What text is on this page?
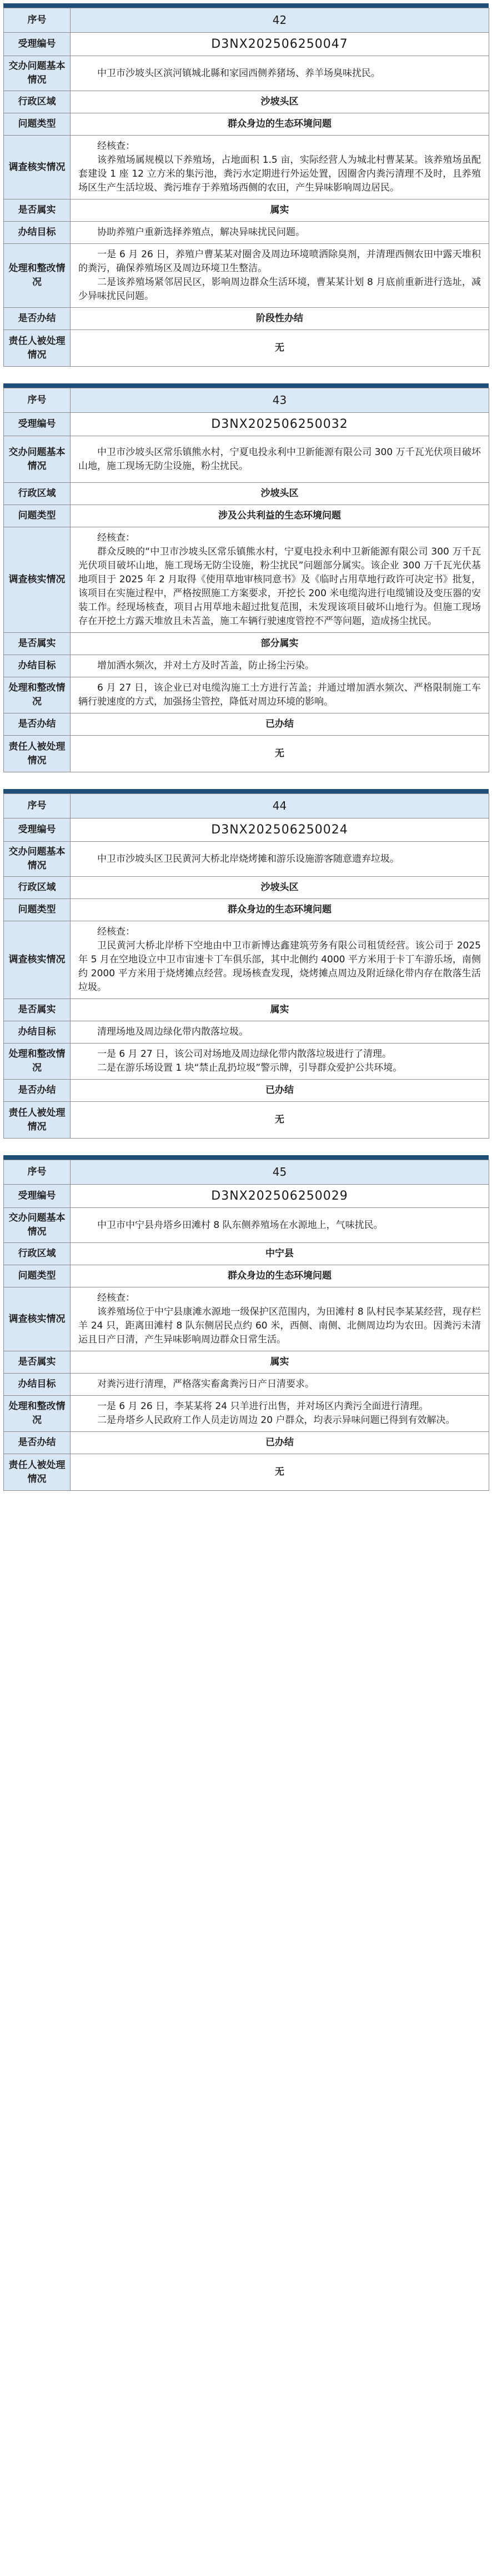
序号	42
受理编号	D3NX202506250047
交办问题基本情况	中卫市沙坡头区滨河镇城北縣和家园西侧养猪场、养羊场臭味扰民。

行政区域	沙坡头区
问题类型	群众身边的生态环境问题
调查核实情况	经核查：

该养殖场属规模以下养殖场，占地面积 1.5 亩，实际经营人为城北村曹某某。该养殖场虽配套建设 1 座 12 立方米的集污池，粪污水定期进行外运处置，因圈舍内粪污清理不及时，且养殖场区生产生活垃圾、粪污堆存于养殖场西侧的农田，产生异味影响周边居民。

是否属实	属实
办结目标	协助养殖户重新选择养殖点，解决异味扰民问题。

处理和整改情况	一是 6 月 26 日，养殖户曹某某对圈舍及周边环境喷洒除臭剂，并清理西侧农田中露天堆积的粪污，确保养殖场区及周边环境卫生整洁。

二是该养殖场紧邻居民区，影响周边群众生活环境，曹某某计划 8 月底前重新进行选址，减少异味扰民问题。

是否办结	阶段性办结
责任人被处理情况	无
序号	43
受理编号	D3NX202506250032
交办问题基本情况	中卫市沙坡头区常乐镇熊水村，宁夏电投永利中卫新能源有限公司 300 万千瓦光伏项目破坏山地，施工现场无防尘设施，粉尘扰民。

行政区域	沙坡头区
问题类型	涉及公共利益的生态环境问题
调查核实情况	经核查：

群众反映的“中卫市沙坡头区常乐镇熊水村，宁夏电投永利中卫新能源有限公司 300 万千瓦光伏项目破坏山地，施工现场无防尘设施，粉尘扰民”问题部分属实。该企业 300 万千瓦光伏基地项目于 2025 年 2 月取得《使用草地审核同意书》及《临时占用草地行政许可决定书》批复，该项目在实施过程中，严格按照施工方案要求，开挖长 200 米电缆沟进行电缆铺设及变压器的安装工作。经现场核查，项目占用草地未超过批复范围，未发现该项目破坏山地行为。但施工现场存在开挖土方露天堆放且未苫盖，施工车辆行驶速度管控不严等问题，造成扬尘扰民。

是否属实	部分属实
办结目标	增加洒水频次，并对土方及时苫盖，防止扬尘污染。

处理和整改情况	6 月 27 日，该企业已对电缆沟施工土方进行苫盖；并通过增加洒水频次、严格限制施工车辆行驶速度的方式，加强扬尘管控，降低对周边环境的影响。

是否办结	已办结
责任人被处理情况	无
序号	44
受理编号	D3NX202506250024
交办问题基本情况	中卫市沙坡头区卫民黄河大桥北岸烧烤摊和游乐设施游客随意遗弃垃圾。

行政区域	沙坡头区
问题类型	群众身边的生态环境问题
调查核实情况	经核查：

卫民黄河大桥北岸桥下空地由中卫市新博达鑫建筑劳务有限公司租赁经营。该公司于 2025 年 5 月在空地设立中卫市宙速卡丁车俱乐部，其中北侧约 4000 平方米用于卡丁车游乐场，南侧约 2000 平方米用于烧烤摊点经营。现场核查发现，烧烤摊点周边及附近绿化带内存在散落生活垃圾。

是否属实	属实
办结目标	清理场地及周边绿化带内散落垃圾。

处理和整改情况	一是 6 月 27 日，该公司对场地及周边绿化带内散落垃圾进行了清理。

二是在游乐场设置 1 块“禁止乱扔垃圾”警示牌，引导群众爱护公共环境。

是否办结	已办结
责任人被处理情况	无
序号	45
受理编号	D3NX202506250029
交办问题基本情况	中卫市中宁县舟塔乡田滩村 8 队东侧养殖场在水源地上，气味扰民。

行政区域	中宁县
问题类型	群众身边的生态环境问题
调查核实情况	经核查：

该养殖场位于中宁县康滩水源地一级保护区范围内，为田滩村 8 队村民李某某经营，现存栏羊 24 只，距离田滩村 8 队东侧居民点约 60 米，西侧、南侧、北侧周边均为农田。因粪污未清运且日产日清，产生异味影响周边群众日常生活。

是否属实	属实
办结目标	对粪污进行清理，严格落实畜禽粪污日产日清要求。

处理和整改情况	一是 6 月 26 日，李某某将 24 只羊进行出售，并对场区内粪污全面进行清理。

二是舟塔乡人民政府工作人员走访周边 20 户群众，均表示异味问题已得到有效解决。

是否办结	已办结
责任人被处理情况	无
